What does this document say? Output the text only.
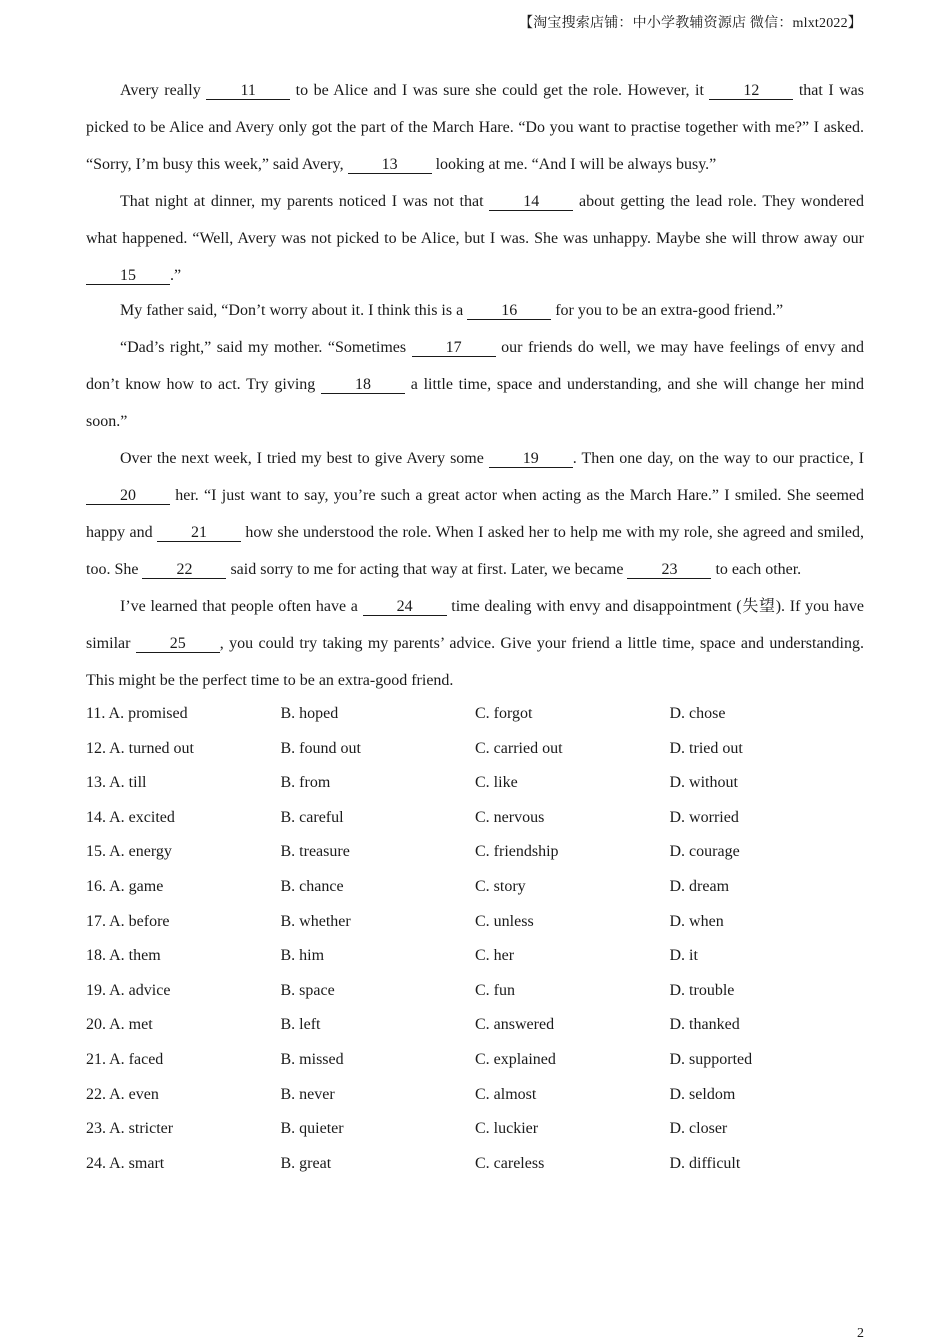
【淘宝搜索店铺：中小学教辅资源店 微信：mlxt2022】

Avery really 11 to be Alice and I was sure she could get the role. However, it 12 that I was picked to be Alice and Avery only got the part of the March Hare. “Do you want to practise together with me?” I asked. “Sorry, I’m busy this week,” said Avery, 13 looking at me. “And I will be always busy.”

That night at dinner, my parents noticed I was not that 14 about getting the lead role. They wondered what happened. “Well, Avery was not picked to be Alice, but I was. She was unhappy. Maybe she will throw away our 15 .”

My father said, “Don’t worry about it. I think this is a 16 for you to be an extra-good friend.”

“Dad’s right,” said my mother. “Sometimes 17 our friends do well, we may have feelings of envy and don’t know how to act. Try giving 18 a little time, space and understanding, and she will change her mind soon.”

Over the next week, I tried my best to give Avery some 19 . Then one day, on the way to our practice, I 20 her. “I just want to say, you’re such a great actor when acting as the March Hare.” I smiled. She seemed happy and 21 how she understood the role. When I asked her to help me with my role, she agreed and smiled, too. She 22 said sorry to me for acting that way at first. Later, we became 23 to each other.

I’ve learned that people often have a 24 time dealing with envy and disappointment (失望). If you have similar 25 , you could try taking my parents’ advice. Give your friend a little time, space and understanding. This might be the perfect time to be an extra-good friend.

11. A. promised	B. hoped	C. forgot	D. chose
12. A. turned out	B. found out	C. carried out	D. tried out
13. A. till	B. from	C. like	D. without
14. A. excited	B. careful	C. nervous	D. worried
15. A. energy	B. treasure	C. friendship	D. courage
16. A. game	B. chance	C. story	D. dream
17. A. before	B. whether	C. unless	D. when
18. A. them	B. him	C. her	D. it
19. A. advice	B. space	C. fun	D. trouble
20. A. met	B. left	C. answered	D. thanked
21. A. faced	B. missed	C. explained	D. supported
22. A. even	B. never	C. almost	D. seldom
23. A. stricter	B. quieter	C. luckier	D. closer
24. A. smart	B. great	C. careless	D. difficult
2
